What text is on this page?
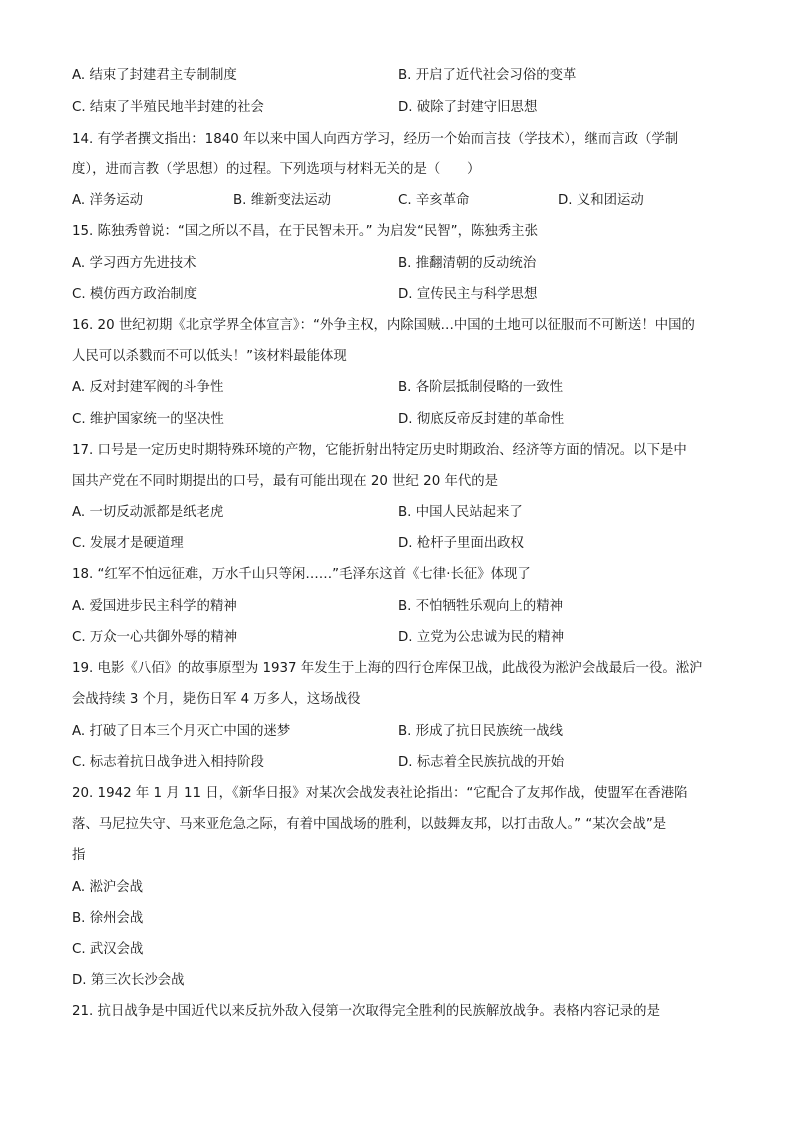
A. 结束了封建君主专制制度	B. 开启了近代社会习俗的变革
C. 结束了半殖民地半封建的社会	D. 破除了封建守旧思想
14. 有学者撰文指出：1840 年以来中国人向西方学习，经历一个始而言技（学技术），继而言政（学制
度），进而言教（学思想）的过程。下列选项与材料无关的是（　　）
A. 洋务运动	B. 维新变法运动	C. 辛亥革命	D. 义和团运动
15. 陈独秀曾说：“国之所以不昌，在于民智未开。” 为启发“民智”，陈独秀主张
A. 学习西方先进技术	B. 推翻清朝的反动统治
C. 模仿西方政治制度	D. 宣传民主与科学思想
16. 20 世纪初期《北京学界全体宣言》：“外争主权，内除国贼…中国的土地可以征服而不可断送！中国的
人民可以杀戮而不可以低头！”该材料最能体现
A. 反对封建军阀的斗争性	B. 各阶层抵制侵略的一致性
C. 维护国家统一的坚决性	D. 彻底反帝反封建的革命性
17. 口号是一定历史时期特殊环境的产物，它能折射出特定历史时期政治、经济等方面的情况。以下是中
国共产党在不同时期提出的口号，最有可能出现在 20 世纪 20 年代的是
A. 一切反动派都是纸老虎	B. 中国人民站起来了
C. 发展才是硬道理	D. 枪杆子里面出政权
18. “红军不怕远征难，万水千山只等闲……”毛泽东这首《七律·长征》体现了
A. 爱国进步民主科学的精神	B. 不怕牺牲乐观向上的精神
C. 万众一心共御外辱的精神	D. 立党为公忠诚为民的精神
19. 电影《八佰》的故事原型为 1937 年发生于上海的四行仓库保卫战，此战役为淞沪会战最后一役。淞沪
会战持续 3 个月，毙伤日军 4 万多人，这场战役
A. 打破了日本三个月灭亡中国的迷梦	B. 形成了抗日民族统一战线
C. 标志着抗日战争进入相持阶段	D. 标志着全民族抗战的开始
20. 1942 年 1 月 11 日，《新华日报》对某次会战发表社论指出：“它配合了友邦作战，使盟军在香港陷
落、马尼拉失守、马来亚危急之际，有着中国战场的胜利，以鼓舞友邦，以打击敌人。” “某次会战”是
指
A. 淞沪会战
B. 徐州会战
C. 武汉会战
D. 第三次长沙会战
21. 抗日战争是中国近代以来反抗外敌入侵第一次取得完全胜利的民族解放战争。表格内容记录的是
